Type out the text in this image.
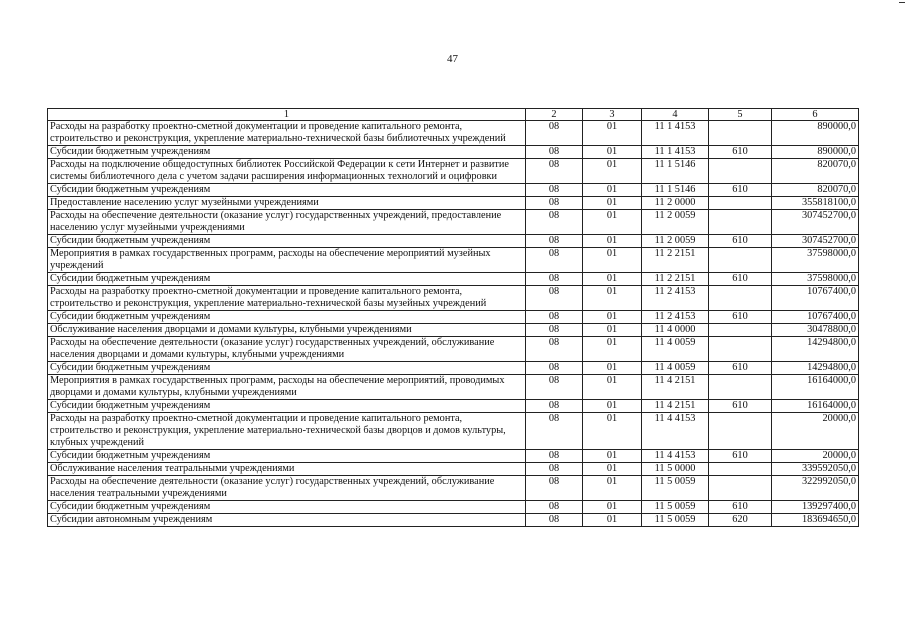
47
1	2	3	4	5	6
Расходы на разработку проектно-сметной документации и проведение капитального ремонта, строительство и реконструкция, укрепление материально-технической базы библиотечных учреждений	08	01	11 1 4153		890000,0
Субсидии бюджетным учреждениям	08	01	11 1 4153	610	890000,0
Расходы на подключение общедоступных библиотек Российской Федерации к сети Интернет и развитие системы библиотечного дела с учетом задачи расширения информационных технологий и оцифровки	08	01	11 1 5146		820070,0
Субсидии бюджетным учреждениям	08	01	11 1 5146	610	820070,0
Предоставление населению услуг музейными учреждениями	08	01	11 2 0000		355818100,0
Расходы на обеспечение деятельности (оказание услуг) государственных учреждений, предоставление населению услуг музейными учреждениями	08	01	11 2 0059		307452700,0
Субсидии бюджетным учреждениям	08	01	11 2 0059	610	307452700,0
Мероприятия в рамках государственных программ, расходы на обеспечение мероприятий музейных учреждений	08	01	11 2 2151		37598000,0
Субсидии бюджетным учреждениям	08	01	11 2 2151	610	37598000,0
Расходы на разработку проектно-сметной документации и проведение капитального ремонта, строительство и реконструкция, укрепление материально-технической базы музейных учреждений	08	01	11 2 4153		10767400,0
Субсидии бюджетным учреждениям	08	01	11 2 4153	610	10767400,0
Обслуживание населения дворцами и домами культуры, клубными учреждениями	08	01	11 4 0000		30478800,0
Расходы на обеспечение деятельности (оказание услуг) государственных учреждений, обслуживание населения дворцами и домами культуры, клубными учреждениями	08	01	11 4 0059		14294800,0
Субсидии бюджетным учреждениям	08	01	11 4 0059	610	14294800,0
Мероприятия в рамках государственных программ, расходы на обеспечение мероприятий, проводимых дворцами и домами культуры, клубными учреждениями	08	01	11 4 2151		16164000,0
Субсидии бюджетным учреждениям	08	01	11 4 2151	610	16164000,0
Расходы на разработку проектно-сметной документации и проведение капитального ремонта, строительство и реконструкция, укрепление материально-технической базы дворцов и домов культуры, клубных учреждений	08	01	11 4 4153		20000,0
Субсидии бюджетным учреждениям	08	01	11 4 4153	610	20000,0
Обслуживание населения театральными учреждениями	08	01	11 5 0000		339592050,0
Расходы на обеспечение деятельности (оказание услуг) государственных учреждений, обслуживание населения театральными учреждениями	08	01	11 5 0059		322992050,0
Субсидии бюджетным учреждениям	08	01	11 5 0059	610	139297400,0
Субсидии автономным учреждениям	08	01	11 5 0059	620	183694650,0
